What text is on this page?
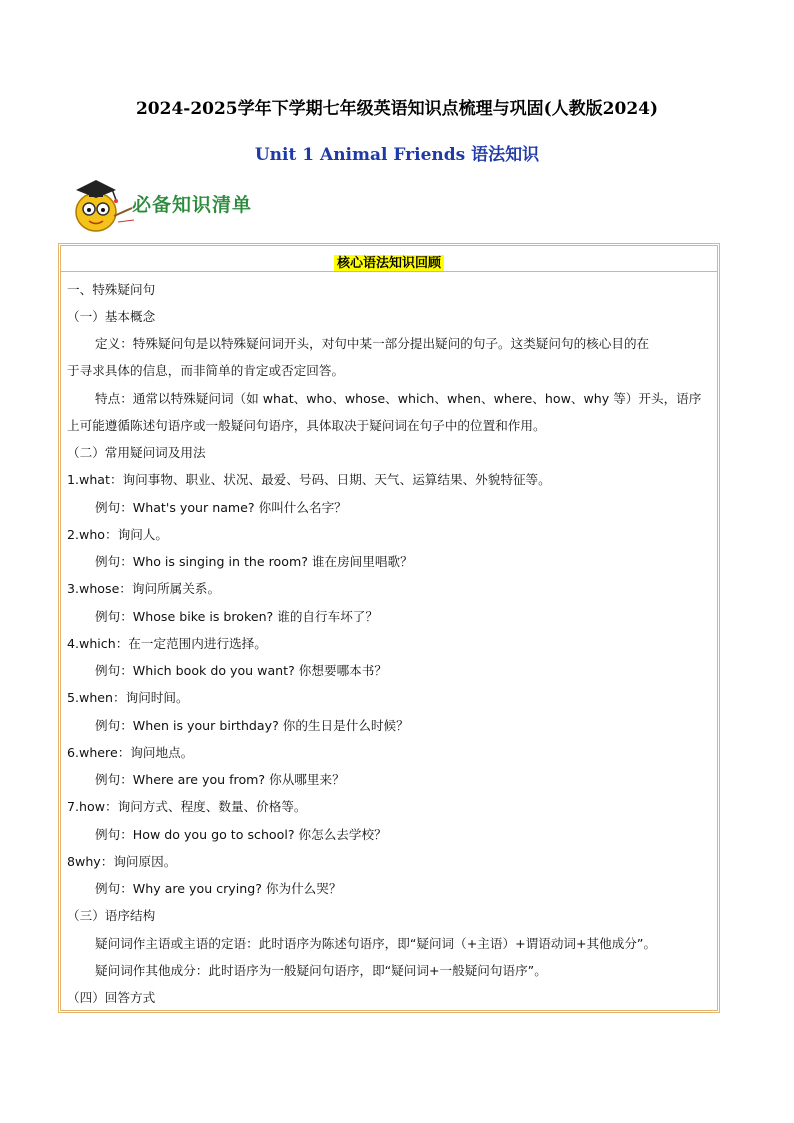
2024-2025学年下学期七年级英语知识点梳理与巩固(人教版2024)
Unit 1 Animal Friends 语法知识
必备知识清单
核心语法知识回顾
一、特殊疑问句
（一）基本概念
定义：特殊疑问句是以特殊疑问词开头，对句中某一部分提出疑问的句子。这类疑问句的核心目的在
于寻求具体的信息，而非简单的肯定或否定回答。
特点：通常以特殊疑问词（如 what、who、whose、which、when、where、how、why 等）开头，语序
上可能遵循陈述句语序或一般疑问句语序，具体取决于疑问词在句子中的位置和作用。
（二）常用疑问词及用法
1.what：询问事物、职业、状况、最爱、号码、日期、天气、运算结果、外貌特征等。
例句：What's your name? 你叫什么名字？
2.who：询问人。
例句：Who is singing in the room? 谁在房间里唱歌？
3.whose：询问所属关系。
例句：Whose bike is broken? 谁的自行车坏了？
4.which：在一定范围内进行选择。
例句：Which book do you want? 你想要哪本书？
5.when：询问时间。
例句：When is your birthday? 你的生日是什么时候？
6.where：询问地点。
例句：Where are you from? 你从哪里来？
7.how：询问方式、程度、数量、价格等。
例句：How do you go to school? 你怎么去学校？
8why：询问原因。
例句：Why are you crying? 你为什么哭？
（三）语序结构
疑问词作主语或主语的定语：此时语序为陈述句语序，即“疑问词（+主语）+谓语动词+其他成分”。
疑问词作其他成分：此时语序为一般疑问句语序，即“疑问词+一般疑问句语序”。
（四）回答方式
